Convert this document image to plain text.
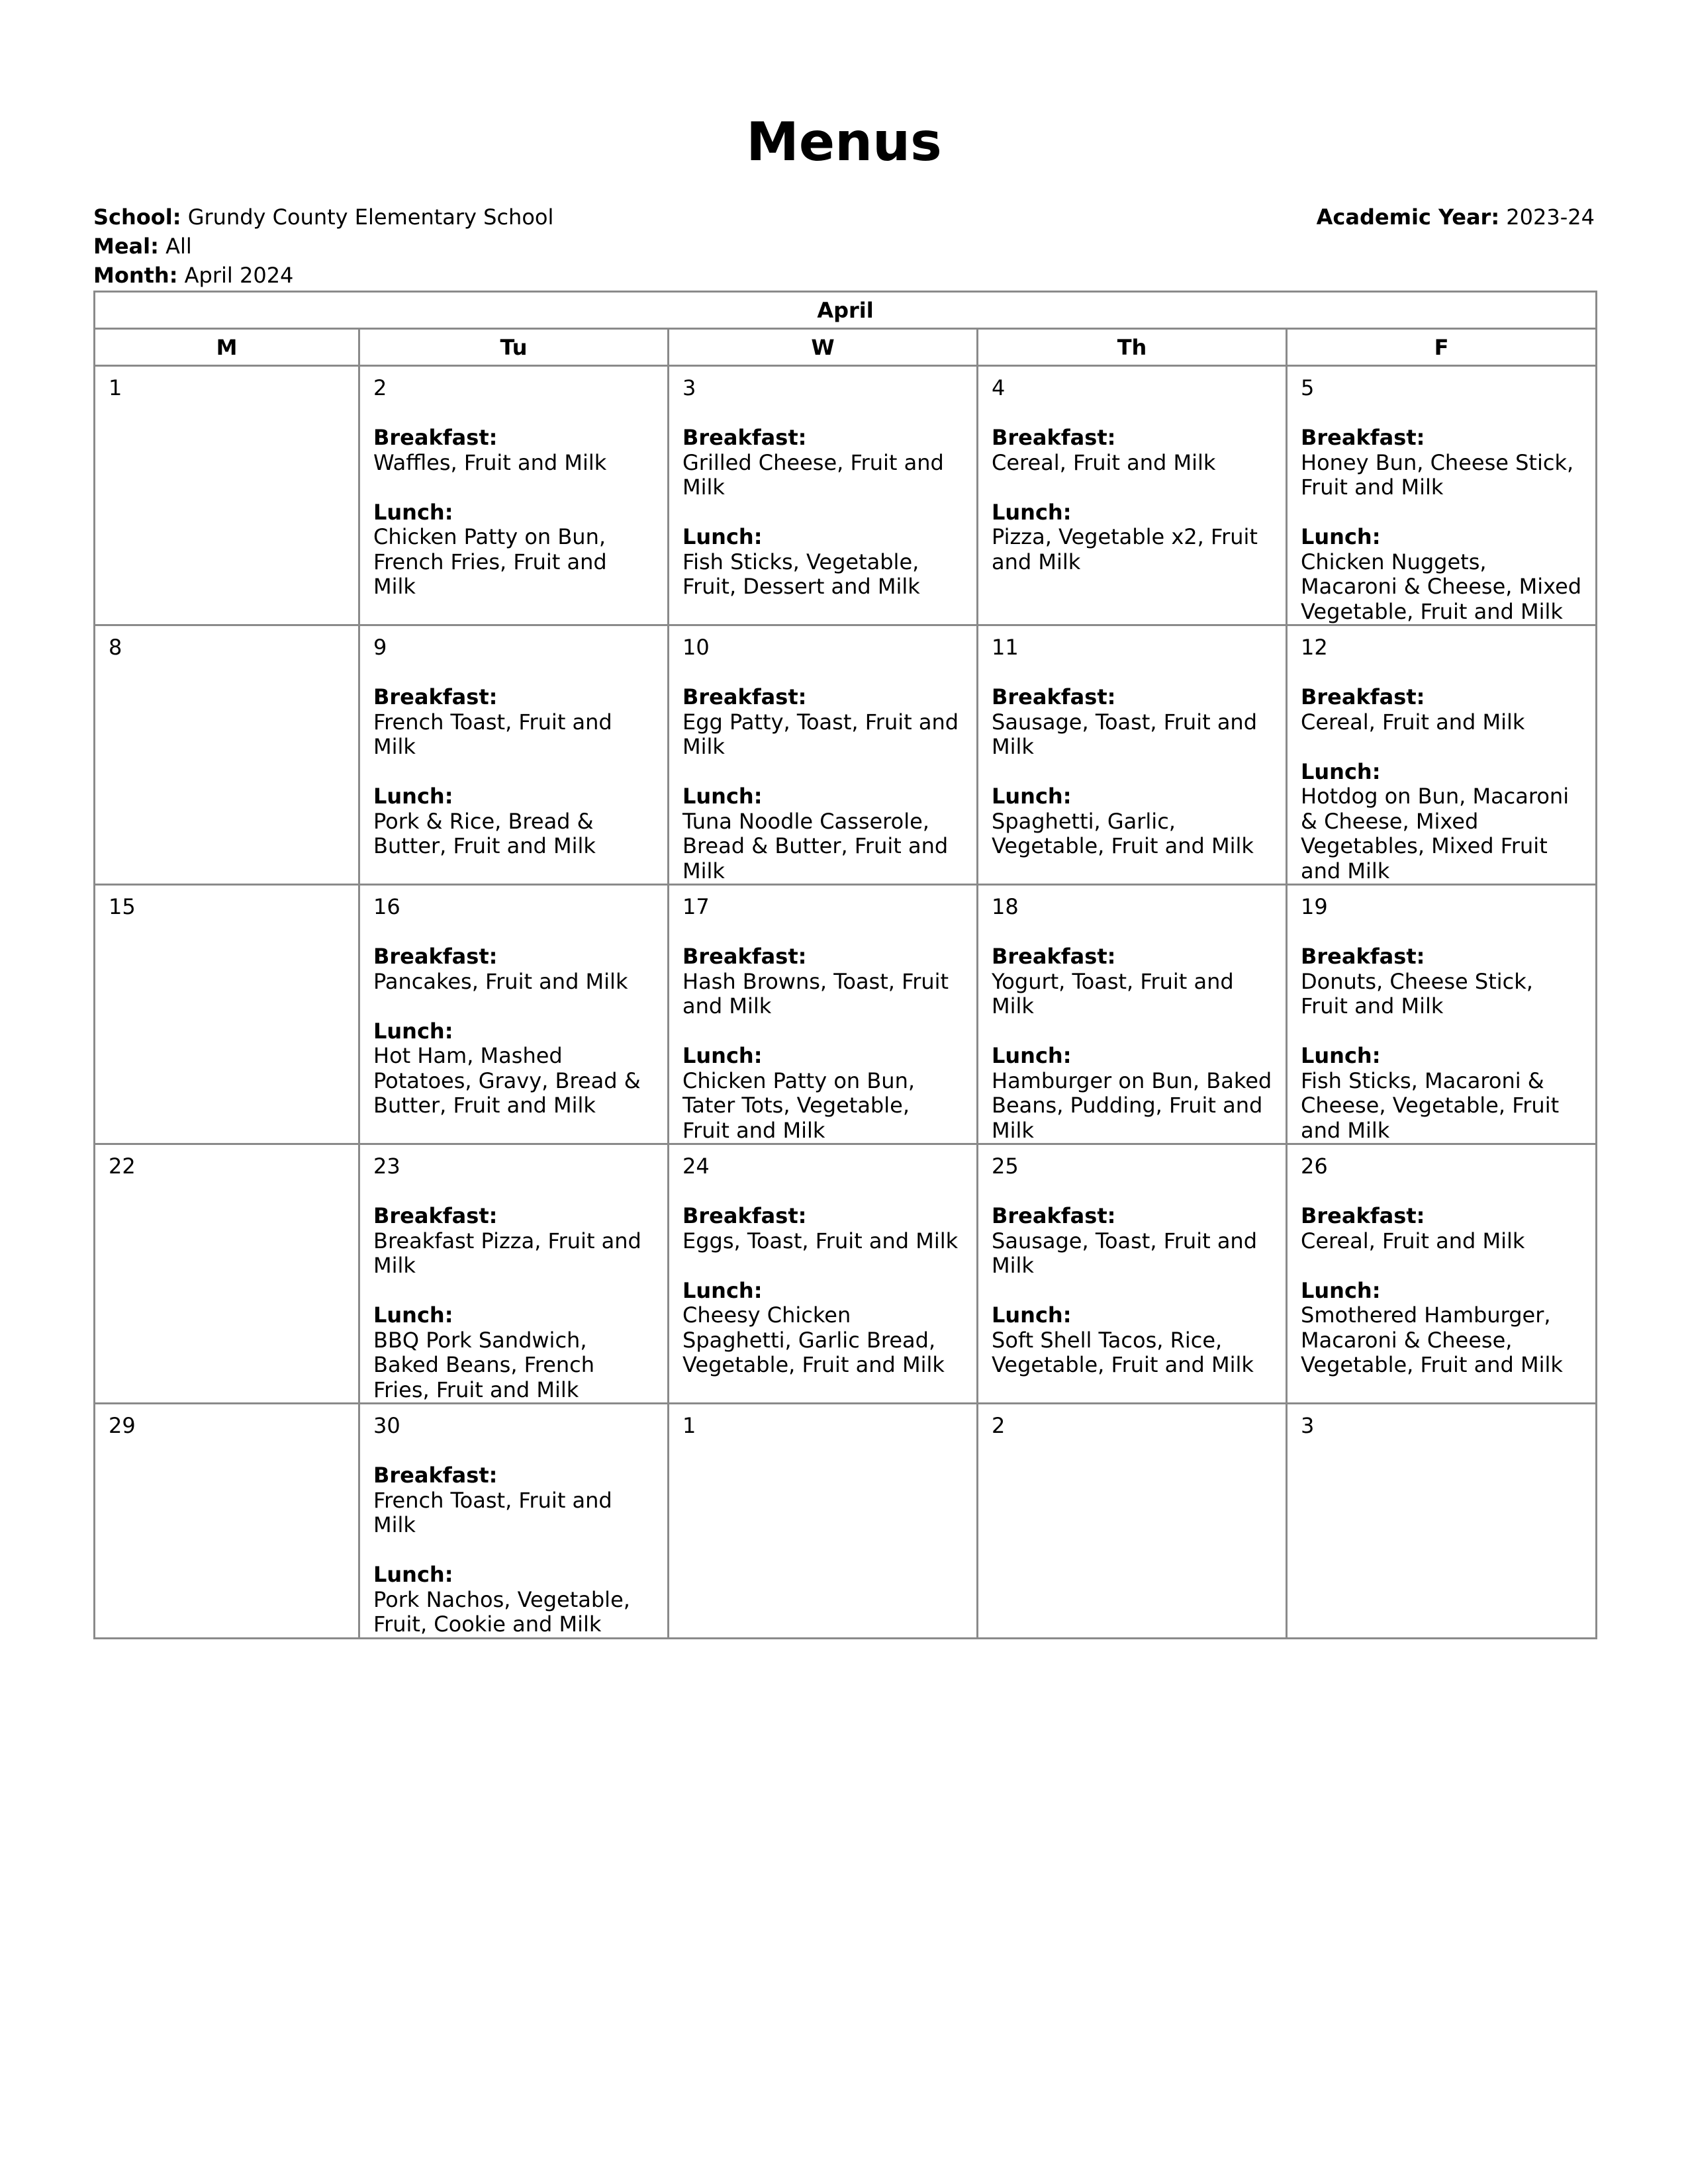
Menus
School: Grundy County Elementary School
Meal: All
Month: April 2024
Academic Year: 2023-24
April				
M	Tu	W	Th	F

1	2
Breakfast:
Waffles, Fruit and Milk
Lunch:
Chicken Patty on Bun, French Fries, Fruit and Milk	3
Breakfast:
Grilled Cheese, Fruit and Milk
Lunch:
Fish Sticks, Vegetable, Fruit, Dessert and Milk	4
Breakfast:
Cereal, Fruit and Milk
Lunch:
Pizza, Vegetable x2, Fruit and Milk	5
Breakfast:
Honey Bun, Cheese Stick, Fruit and Milk
Lunch:
Chicken Nuggets, Macaroni & Cheese, Mixed Vegetable, Fruit and Milk

8	9
Breakfast:
French Toast, Fruit and Milk
Lunch:
Pork & Rice, Bread & Butter, Fruit and Milk	10
Breakfast:
Egg Patty, Toast, Fruit and Milk
Lunch:
Tuna Noodle Casserole, Bread & Butter, Fruit and Milk	11
Breakfast:
Sausage, Toast, Fruit and Milk
Lunch:
Spaghetti, Garlic, Vegetable, Fruit and Milk	12
Breakfast:
Cereal, Fruit and Milk
Lunch:
Hotdog on Bun, Macaroni & Cheese, Mixed Vegetables, Mixed Fruit and Milk

15	16
Breakfast:
Pancakes, Fruit and Milk
Lunch:
Hot Ham, Mashed Potatoes, Gravy, Bread & Butter, Fruit and Milk	17
Breakfast:
Hash Browns, Toast, Fruit and Milk
Lunch:
Chicken Patty on Bun, Tater Tots, Vegetable, Fruit and Milk	18
Breakfast:
Yogurt, Toast, Fruit and Milk
Lunch:
Hamburger on Bun, Baked Beans, Pudding, Fruit and Milk	19
Breakfast:
Donuts, Cheese Stick, Fruit and Milk
Lunch:
Fish Sticks, Macaroni & Cheese, Vegetable, Fruit and Milk

22	23
Breakfast:
Breakfast Pizza, Fruit and Milk
Lunch:
BBQ Pork Sandwich, Baked Beans, French Fries, Fruit and Milk	24
Breakfast:
Eggs, Toast, Fruit and Milk
Lunch:
Cheesy Chicken Spaghetti, Garlic Bread, Vegetable, Fruit and Milk	25
Breakfast:
Sausage, Toast, Fruit and Milk
Lunch:
Soft Shell Tacos, Rice, Vegetable, Fruit and Milk	26
Breakfast:
Cereal, Fruit and Milk
Lunch:
Smothered Hamburger, Macaroni & Cheese, Vegetable, Fruit and Milk

29	30
Breakfast:
French Toast, Fruit and Milk
Lunch:
Pork Nachos, Vegetable, Fruit, Cookie and Milk	1	2	3
